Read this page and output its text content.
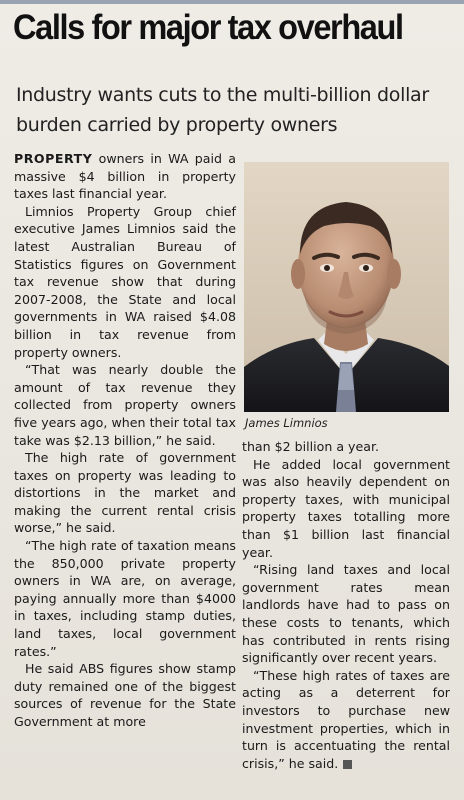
Calls for major tax overhaul
Industry wants cuts to the multi-billion dollar
burden carried by property owners

PROPERTY owners in WA paid a massive $4 billion in property taxes last financial year.

Limnios Property Group chief executive James Limnios said the latest Australian Bureau of Statistics figures on Government tax revenue show that during 2007-2008, the State and local governments in WA raised $4.08 billion in tax revenue from property owners.

“That was nearly double the amount of tax revenue they collected from property owners five years ago, when their total tax take was $2.13 billion,” he said.

The high rate of government taxes on property was leading to distortions in the market and making the current rental crisis worse,” he said.

“The high rate of taxation means the 850,000 private property owners in WA are, on average, paying annually more than $4000 in taxes, including stamp duties, land taxes, local government rates.”

He said ABS figures show stamp duty remained one of the biggest sources of revenue for the State Government at more

James Limnios

than $2 billion a year.

He added local government was also heavily dependent on property taxes, with municipal property taxes totalling more than $1 billion last financial year.

“Rising land taxes and local government rates mean landlords have had to pass on these costs to tenants, which has contributed in rents rising significantly over recent years.

“These high rates of taxes are acting as a deterrent for investors to purchase new investment properties, which in turn is accentuating the rental crisis,” he said.
